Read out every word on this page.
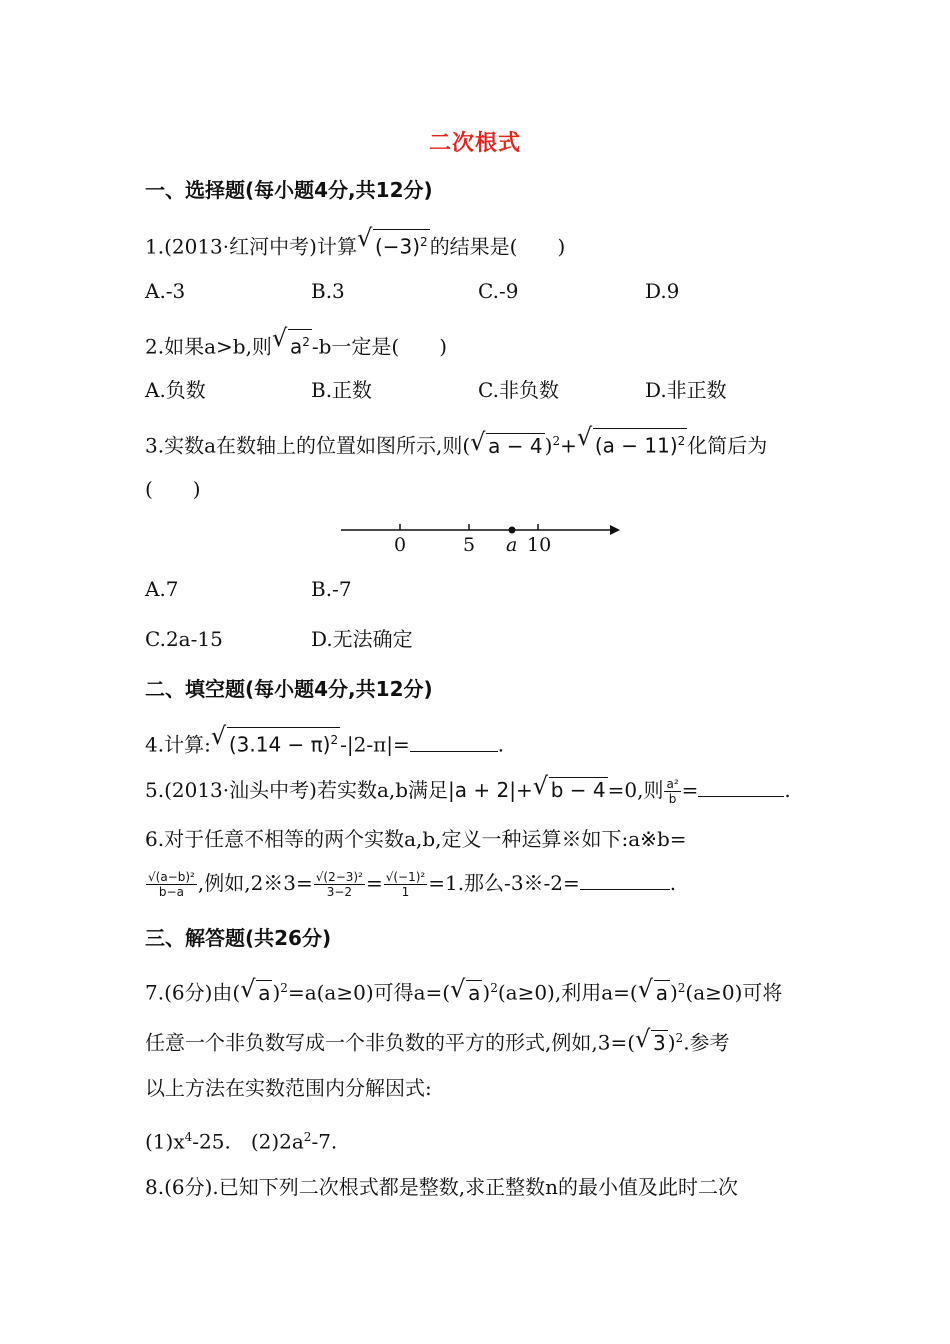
二次根式
一、选择题(每小题4分,共12分)
1.(2013·红河中考)计算 √ $(-3)^2$ 的结果是(　　)
A.-3	B.3	C.-9	D.9
2.如果a>b,则 √ $a^2$ -b一定是(　　)
A.负数	B.正数	C.非负数	D.非正数
3.实数a在数轴上的位置如图所示,则( √ a − 4 )$^2$+ √ $(a - 11)^2$ 化简后为
(　　)
0	5 a 10
A.7	B.-7
C.2a-15	D.无法确定
二、填空题(每小题4分,共12分)
4.计算: √ $(3.14 - \pi)^2$ -|2-π|=	.
5.(2013·汕头中考)若实数a,b满足|a + 2|+ √ b − 4 =0,则 $\frac{\text{a²}}{b}$ =	.
6.对于任意不相等的两个实数a,b,定义一种运算※如下:a※b=
$\frac{\text{√(a−b)²}}{b-a}$ ,例如,2※3= $\frac{\text{√(2−3)²}}{3-2} = \frac{\text{√(−1)²}}{1} =1$.那么-3※-2=	.
三、解答题(共26分)
7.(6分)由( √ a )$^2$=a(a≥0)可得a=( √ a )$^2$(a≥0),利用a=( √ a )$^2$(a≥0)可将
任意一个非负数写成一个非负数的平方的形式,例如,3=( √ 3 )$^2$.参考
以上方法在实数范围内分解因式:
$(1)x^4-25$.　$(2)2a^2-7$.
8.(6分).已知下列二次根式都是整数,求正整数n的最小值及此时二次
